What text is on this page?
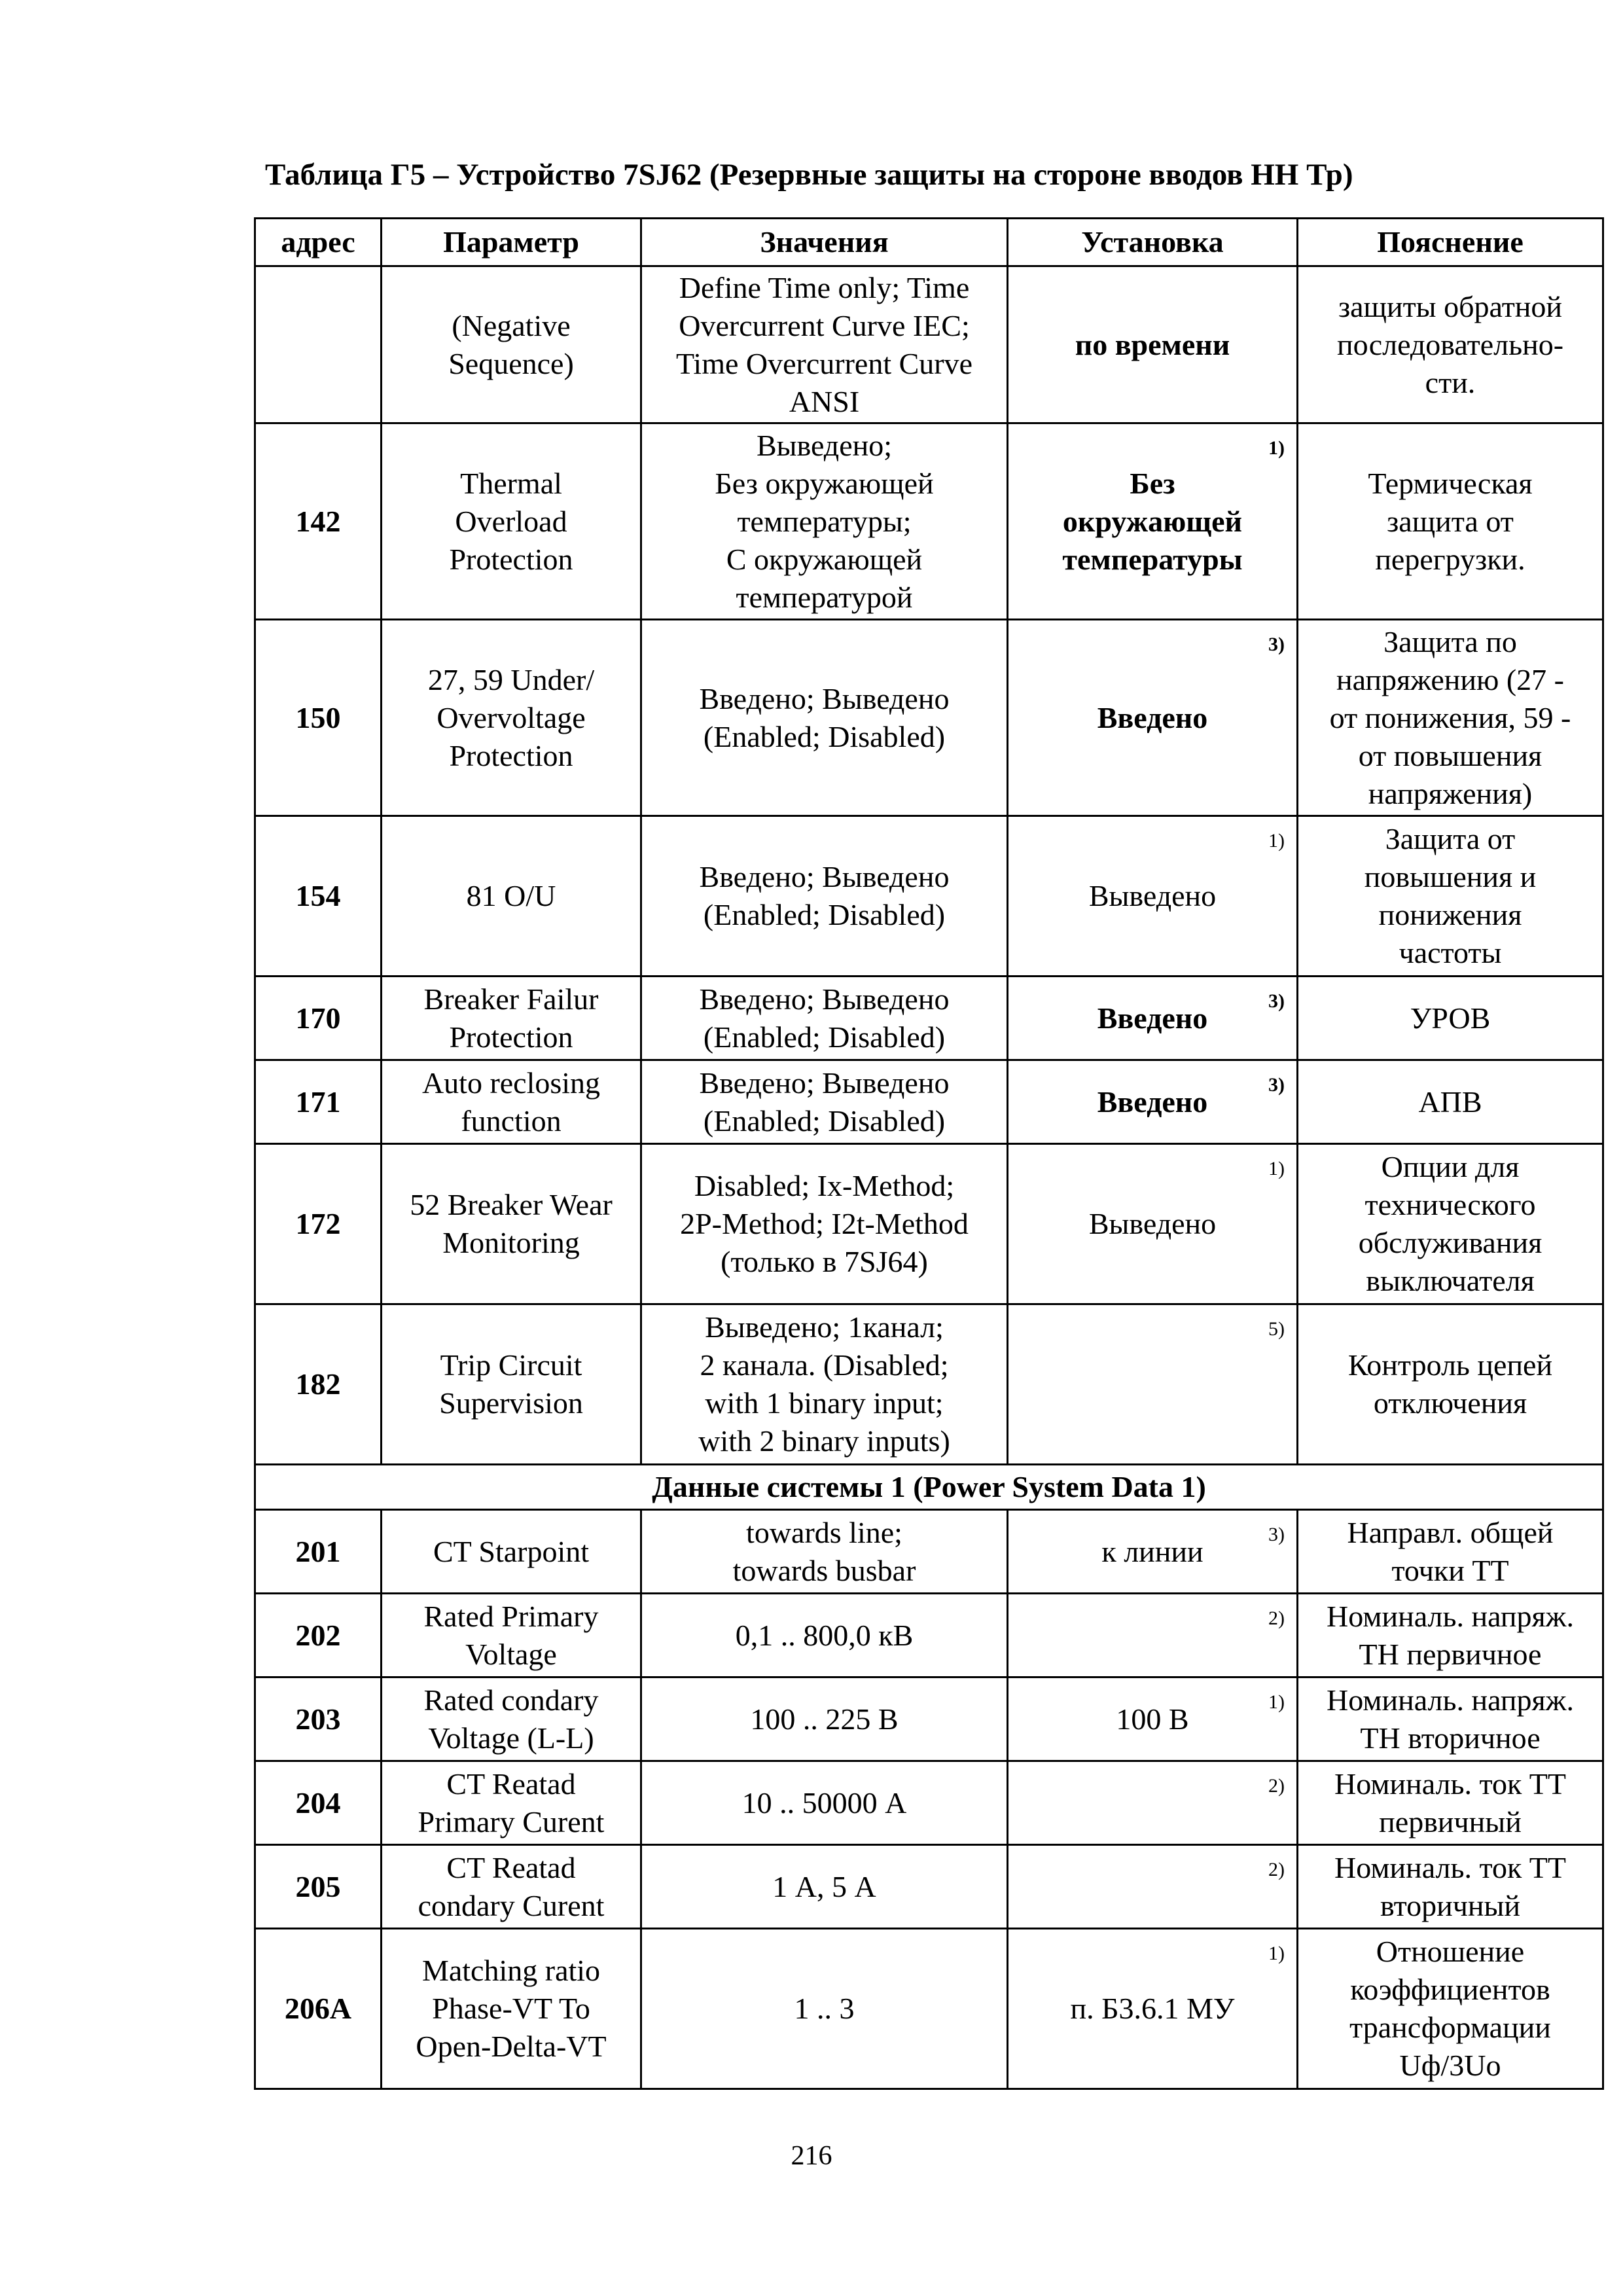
Таблица Г5 – Устройство 7SJ62 (Резервные защиты на стороне вводов НН Тр)
адрес	Параметр	Значения	Установка	Пояснение

	(Negative
Sequence)	Define Time only; Time
Overcurrent Curve IEC;
Time Overcurrent Curve
ANSI	по времени	защиты обратной
последовательно-
сти.

142	Thermal
Overload
Protection	Выведено;
Без окружающей
температуры;
С окружающей
температурой	Без
окружающей
температуры
1)	Термическая
защита от
перегрузки.

150	27, 59 Under/
Overvoltage
Protection	Введено; Выведено
(Enabled; Disabled)	Введено
3)	Защита по
напряжению (27 -
от понижения, 59 -
от повышения
напряжения)

154	81 O/U	Введено; Выведено
(Enabled; Disabled)	Выведено
1)	Защита от
повышения и
понижения
частоты

170	Breaker Failur
Protection	Введено; Выведено
(Enabled; Disabled)	Введено 3)	УРОВ

171	Auto reclosing
function	Введено; Выведено
(Enabled; Disabled)	Введено 3)	АПВ

172	52 Breaker Wear
Monitoring	Disabled; Ix-Method;
2P-Method; I2t-Method
(только в 7SJ64)	Выведено
1)	Опции для
технического
обслуживания
выключателя

182	Trip Circuit
Supervision	Выведено; 1канал;
2 канала. (Disabled;
with 1 binary input;
with 2 binary inputs)	5)	Контроль цепей
отключения

Данные системы 1 (Power System Data 1)				
201	CT Starpoint	towards line;
towards busbar	к линии 3)	Направл. общей
точки ТТ

202	Rated Primary
Voltage	0,1 .. 800,0 кВ	2)	Номиналь. напряж.
ТН первичное

203	Rated condary
Voltage (L-L)	100 .. 225 В	100 В 1)	Номиналь. напряж.
ТН вторичное

204	CT Reatad
Primary Curent	10 .. 50000 А	2)	Номиналь. ток ТТ
первичный

205	CT Reatad
condary Curent	1 А, 5 А	2)	Номиналь. ток ТТ
вторичный

206A	Matching ratio
Phase-VT To
Open-Delta-VT	1 .. 3	п. Б3.6.1 МУ
1)	Отношение
коэффициентов
трансформации
Uф/3Uo
216
